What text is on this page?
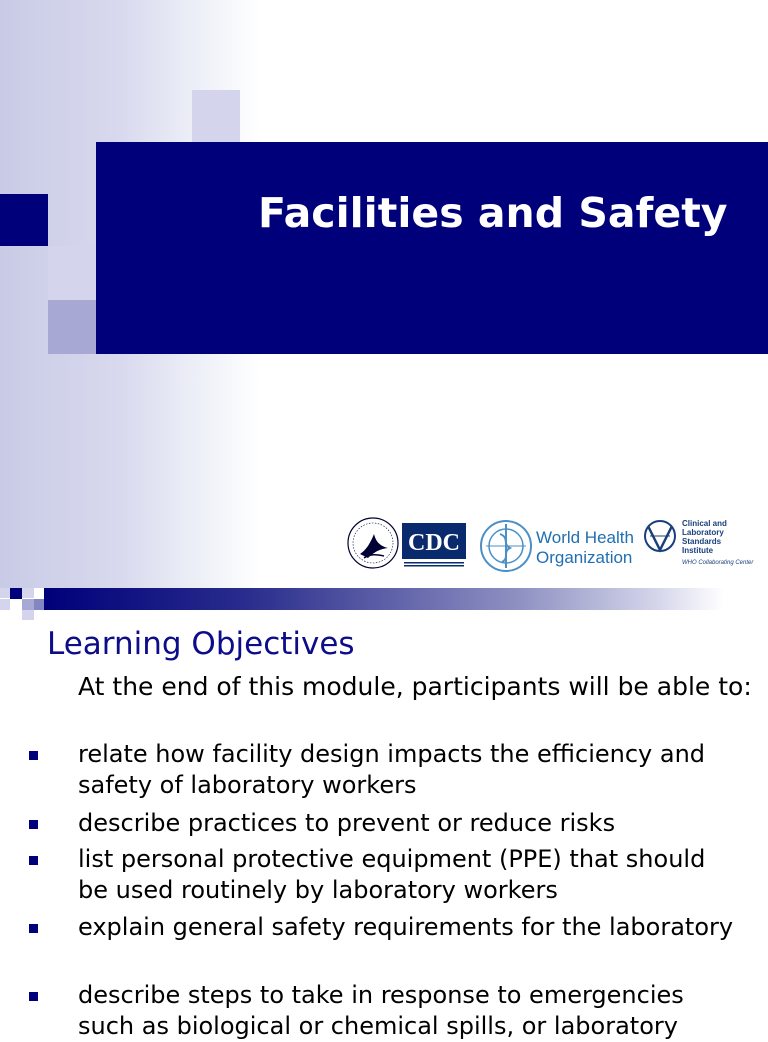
Facilities and Safety
CDC	World Health
Organization
Clinical and
Laboratory
Standards
Institute
WHO Collaborating Center
Learning Objectives
At the end of this module, participants will be able to:
relate how facility design impacts the efficiency and safety of laboratory workers
describe practices to prevent or reduce risks
list personal protective equipment (PPE) that should be used routinely by laboratory workers
explain general safety requirements for the laboratory
describe steps to take in response to emergencies such as biological or chemical spills, or laboratory
